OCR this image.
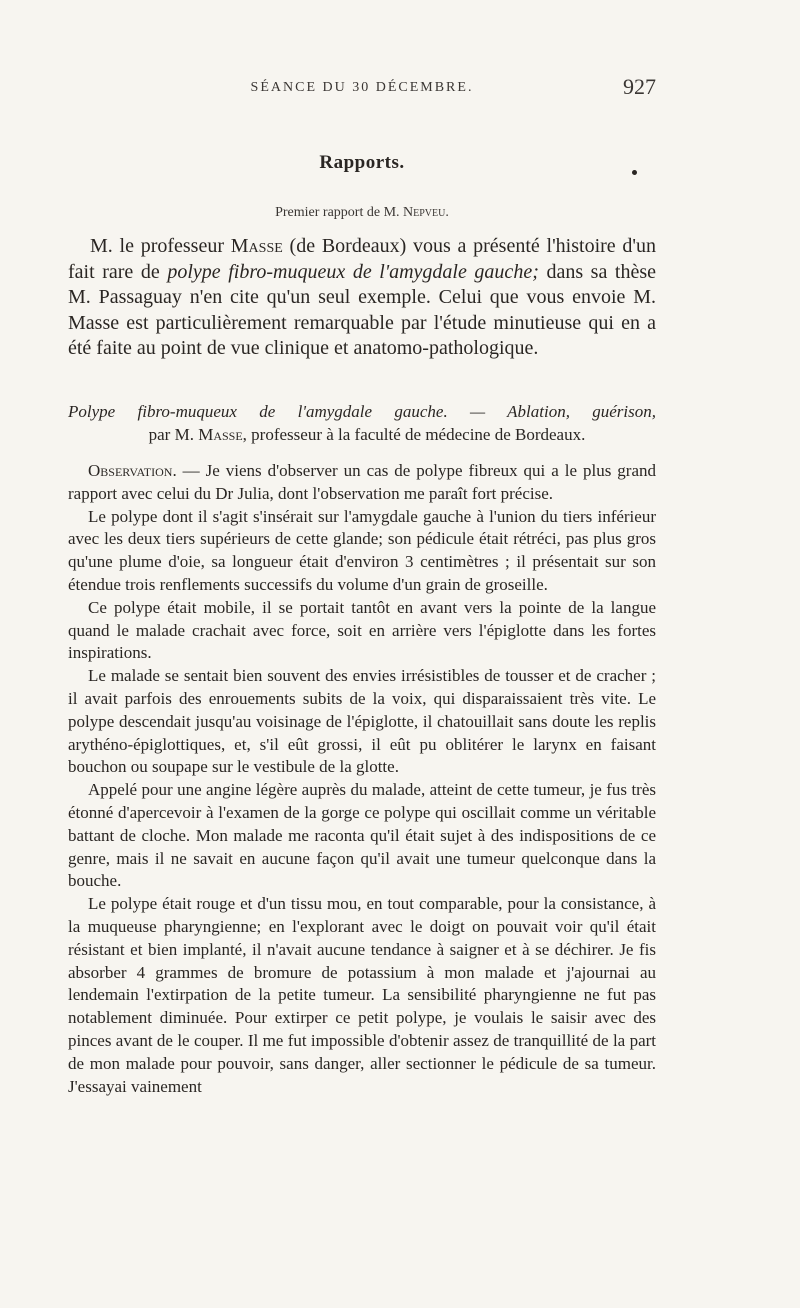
SÉANCE DU 30 DÉCEMBRE.	927
Rapports.
Premier rapport de M. Nepveu.
M. le professeur Masse (de Bordeaux) vous a présenté l'histoire d'un fait rare de polype fibro-muqueux de l'amygdale gauche; dans sa thèse M. Passaguay n'en cite qu'un seul exemple. Celui que vous envoie M. Masse est particulièrement remarquable par l'étude minutieuse qui en a été faite au point de vue clinique et anatomo-pathologique.
Polype fibro-muqueux de l'amygdale gauche. — Ablation, guérison,
par M. Masse, professeur à la faculté de médecine de Bordeaux.

Observation. — Je viens d'observer un cas de polype fibreux qui a le plus grand rapport avec celui du Dr Julia, dont l'observation me paraît fort précise.

Le polype dont il s'agit s'insérait sur l'amygdale gauche à l'union du tiers inférieur avec les deux tiers supérieurs de cette glande; son pédicule était rétréci, pas plus gros qu'une plume d'oie, sa longueur était d'environ 3 centimètres ; il présentait sur son étendue trois renflements successifs du volume d'un grain de groseille.

Ce polype était mobile, il se portait tantôt en avant vers la pointe de la langue quand le malade crachait avec force, soit en arrière vers l'épiglotte dans les fortes inspirations.

Le malade se sentait bien souvent des envies irrésistibles de tousser et de cracher ; il avait parfois des enrouements subits de la voix, qui disparaissaient très vite. Le polype descendait jusqu'au voisinage de l'épiglotte, il chatouillait sans doute les replis arythéno-épiglottiques, et, s'il eût grossi, il eût pu oblitérer le larynx en faisant bouchon ou soupape sur le vestibule de la glotte.

Appelé pour une angine légère auprès du malade, atteint de cette tumeur, je fus très étonné d'apercevoir à l'examen de la gorge ce polype qui oscillait comme un véritable battant de cloche. Mon malade me raconta qu'il était sujet à des indispositions de ce genre, mais il ne savait en aucune façon qu'il avait une tumeur quelconque dans la bouche.

Le polype était rouge et d'un tissu mou, en tout comparable, pour la consistance, à la muqueuse pharyngienne; en l'explorant avec le doigt on pouvait voir qu'il était résistant et bien implanté, il n'avait aucune tendance à saigner et à se déchirer. Je fis absorber 4 grammes de bromure de potassium à mon malade et j'ajournai au lendemain l'extirpation de la petite tumeur. La sensibilité pharyngienne ne fut pas notablement diminuée. Pour extirper ce petit polype, je voulais le saisir avec des pinces avant de le couper. Il me fut impossible d'obtenir assez de tranquillité de la part de mon malade pour pouvoir, sans danger, aller sectionner le pédicule de sa tumeur. J'essayai vainement
